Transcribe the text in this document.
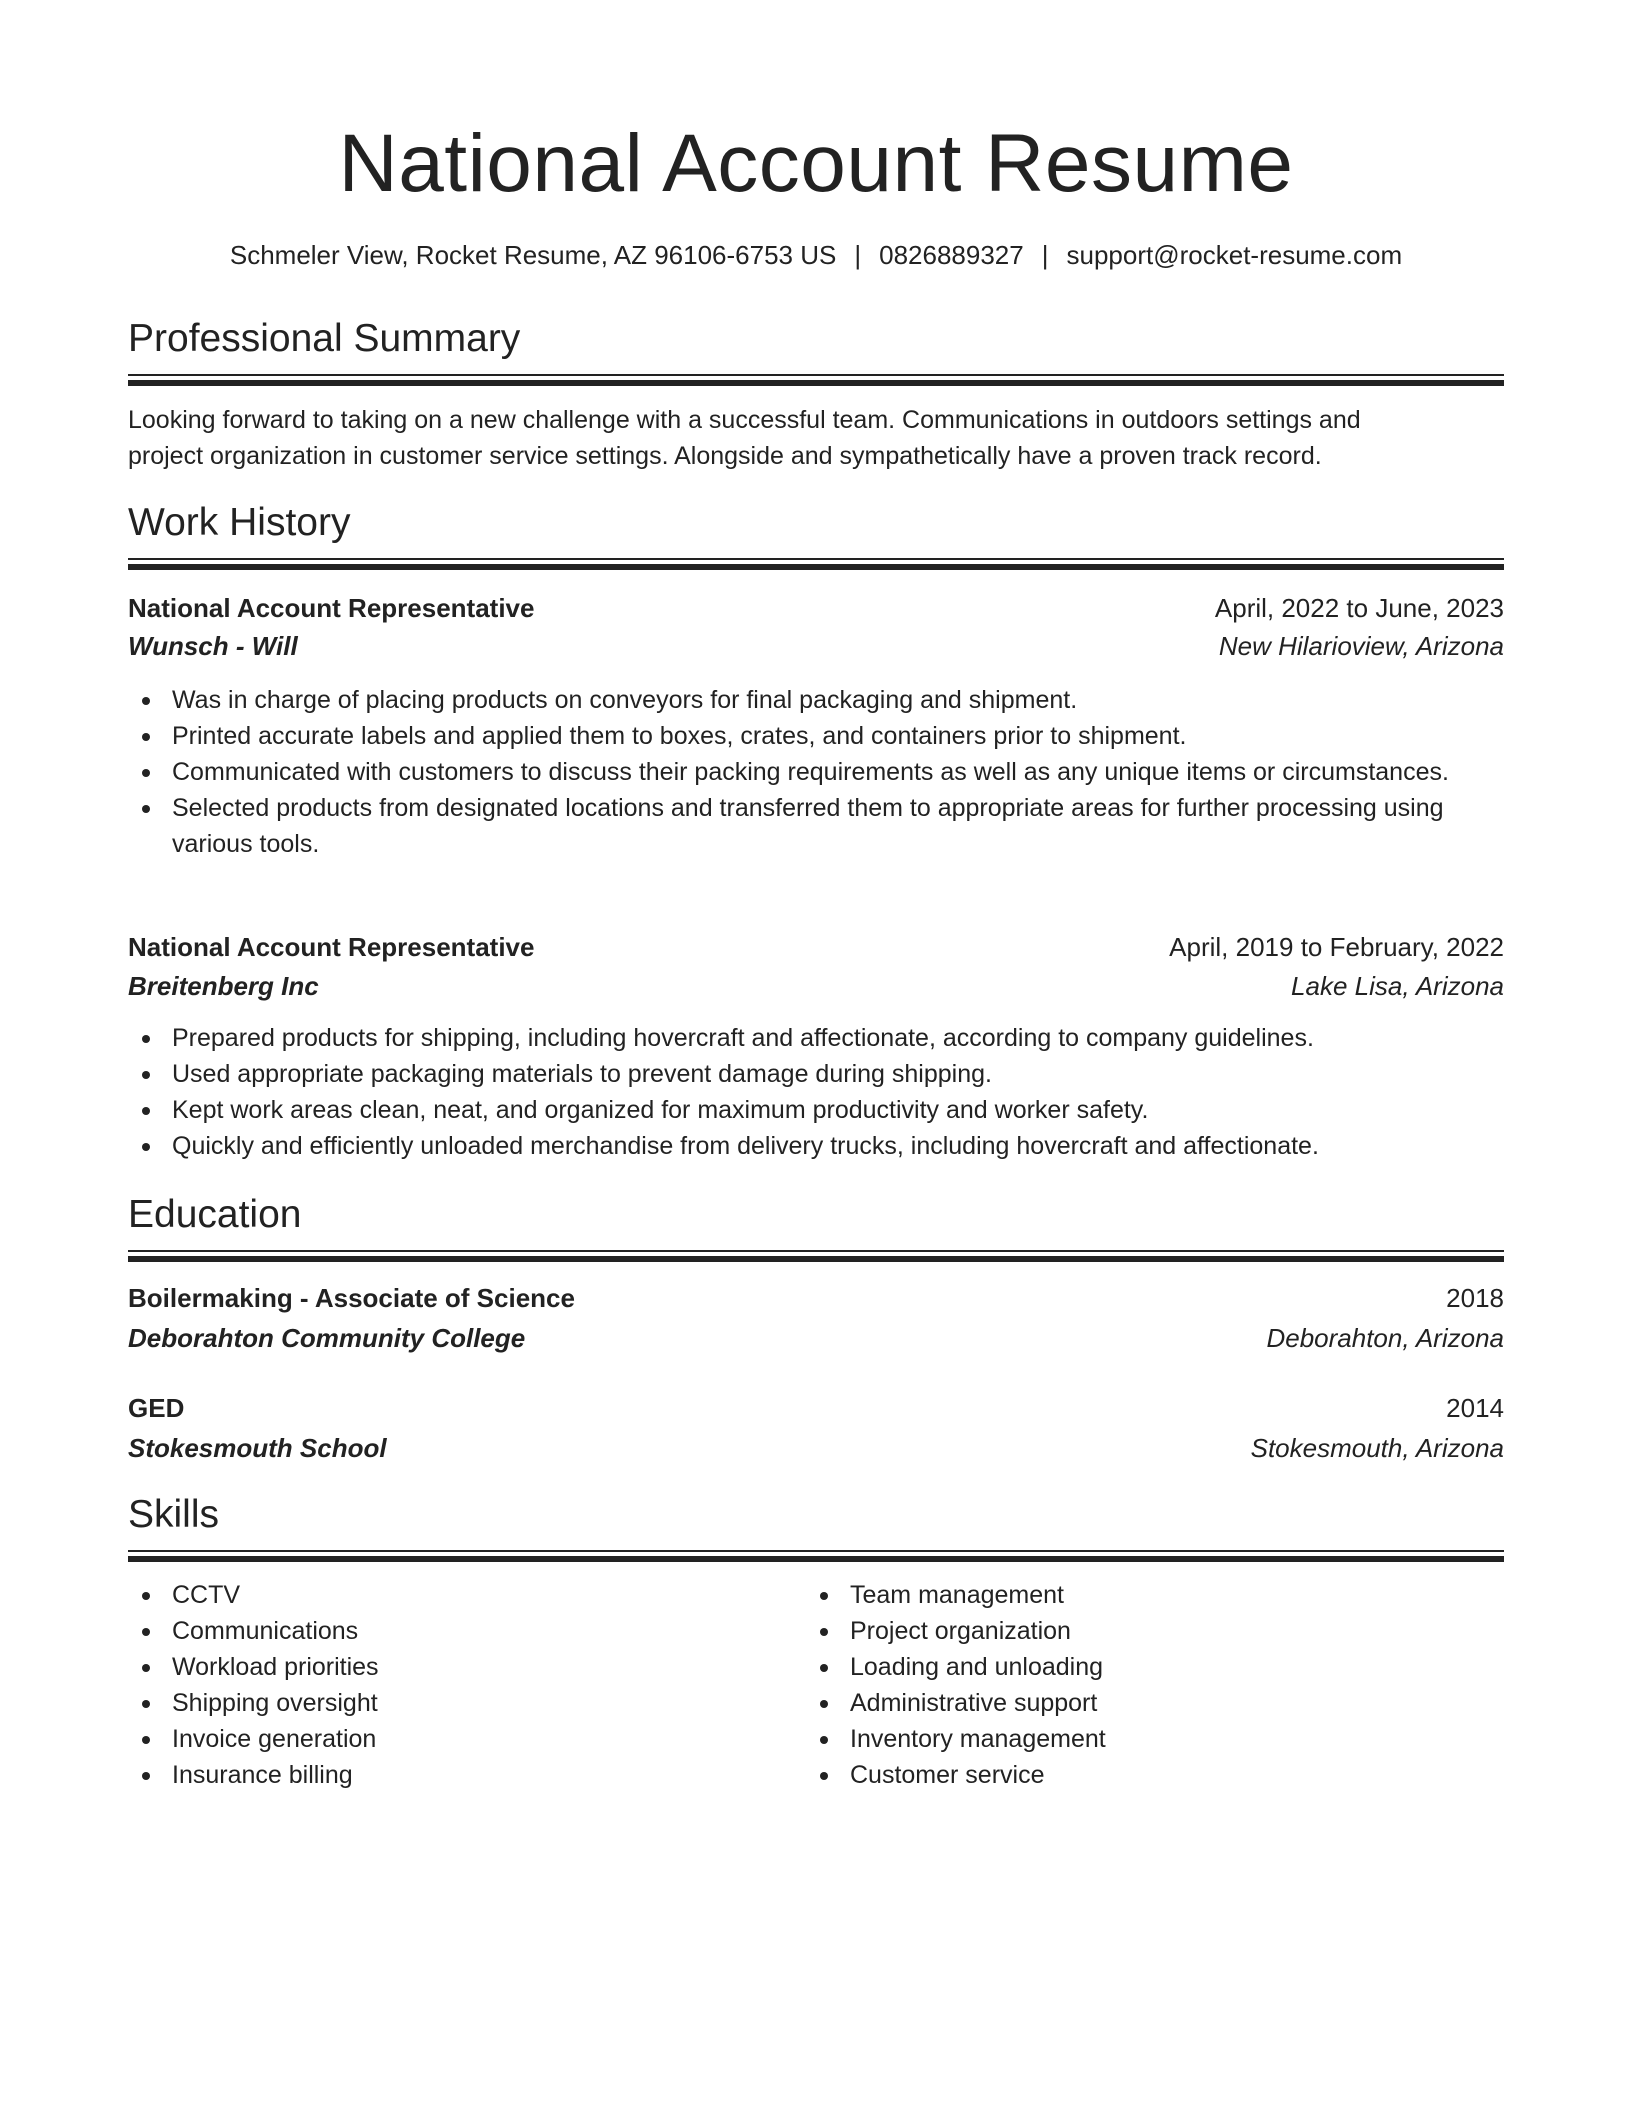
National Account Resume
Schmeler View, Rocket Resume, AZ 96106-6753 US | 0826889327 | support@rocket-resume.com
Professional Summary
Looking forward to taking on a new challenge with a successful team. Communications in outdoors settings and
project organization in customer service settings. Alongside and sympathetically have a proven track record.
Work History
National Account Representative	April, 2022 to June, 2023
Wunsch - Will	New Hilarioview, Arizona
Was in charge of placing products on conveyors for final packaging and shipment.
Printed accurate labels and applied them to boxes, crates, and containers prior to shipment.
Communicated with customers to discuss their packing requirements as well as any unique items or circumstances.
Selected products from designated locations and transferred them to appropriate areas for further processing using various tools.
National Account Representative	April, 2019 to February, 2022
Breitenberg Inc	Lake Lisa, Arizona
Prepared products for shipping, including hovercraft and affectionate, according to company guidelines.
Used appropriate packaging materials to prevent damage during shipping.
Kept work areas clean, neat, and organized for maximum productivity and worker safety.
Quickly and efficiently unloaded merchandise from delivery trucks, including hovercraft and affectionate.
Education
Boilermaking - Associate of Science	2018
Deborahton Community College	Deborahton, Arizona
GED	2014
Stokesmouth School	Stokesmouth, Arizona
Skills
CCTV
Communications
Workload priorities
Shipping oversight
Invoice generation
Insurance billing
Team management
Project organization
Loading and unloading
Administrative support
Inventory management
Customer service
